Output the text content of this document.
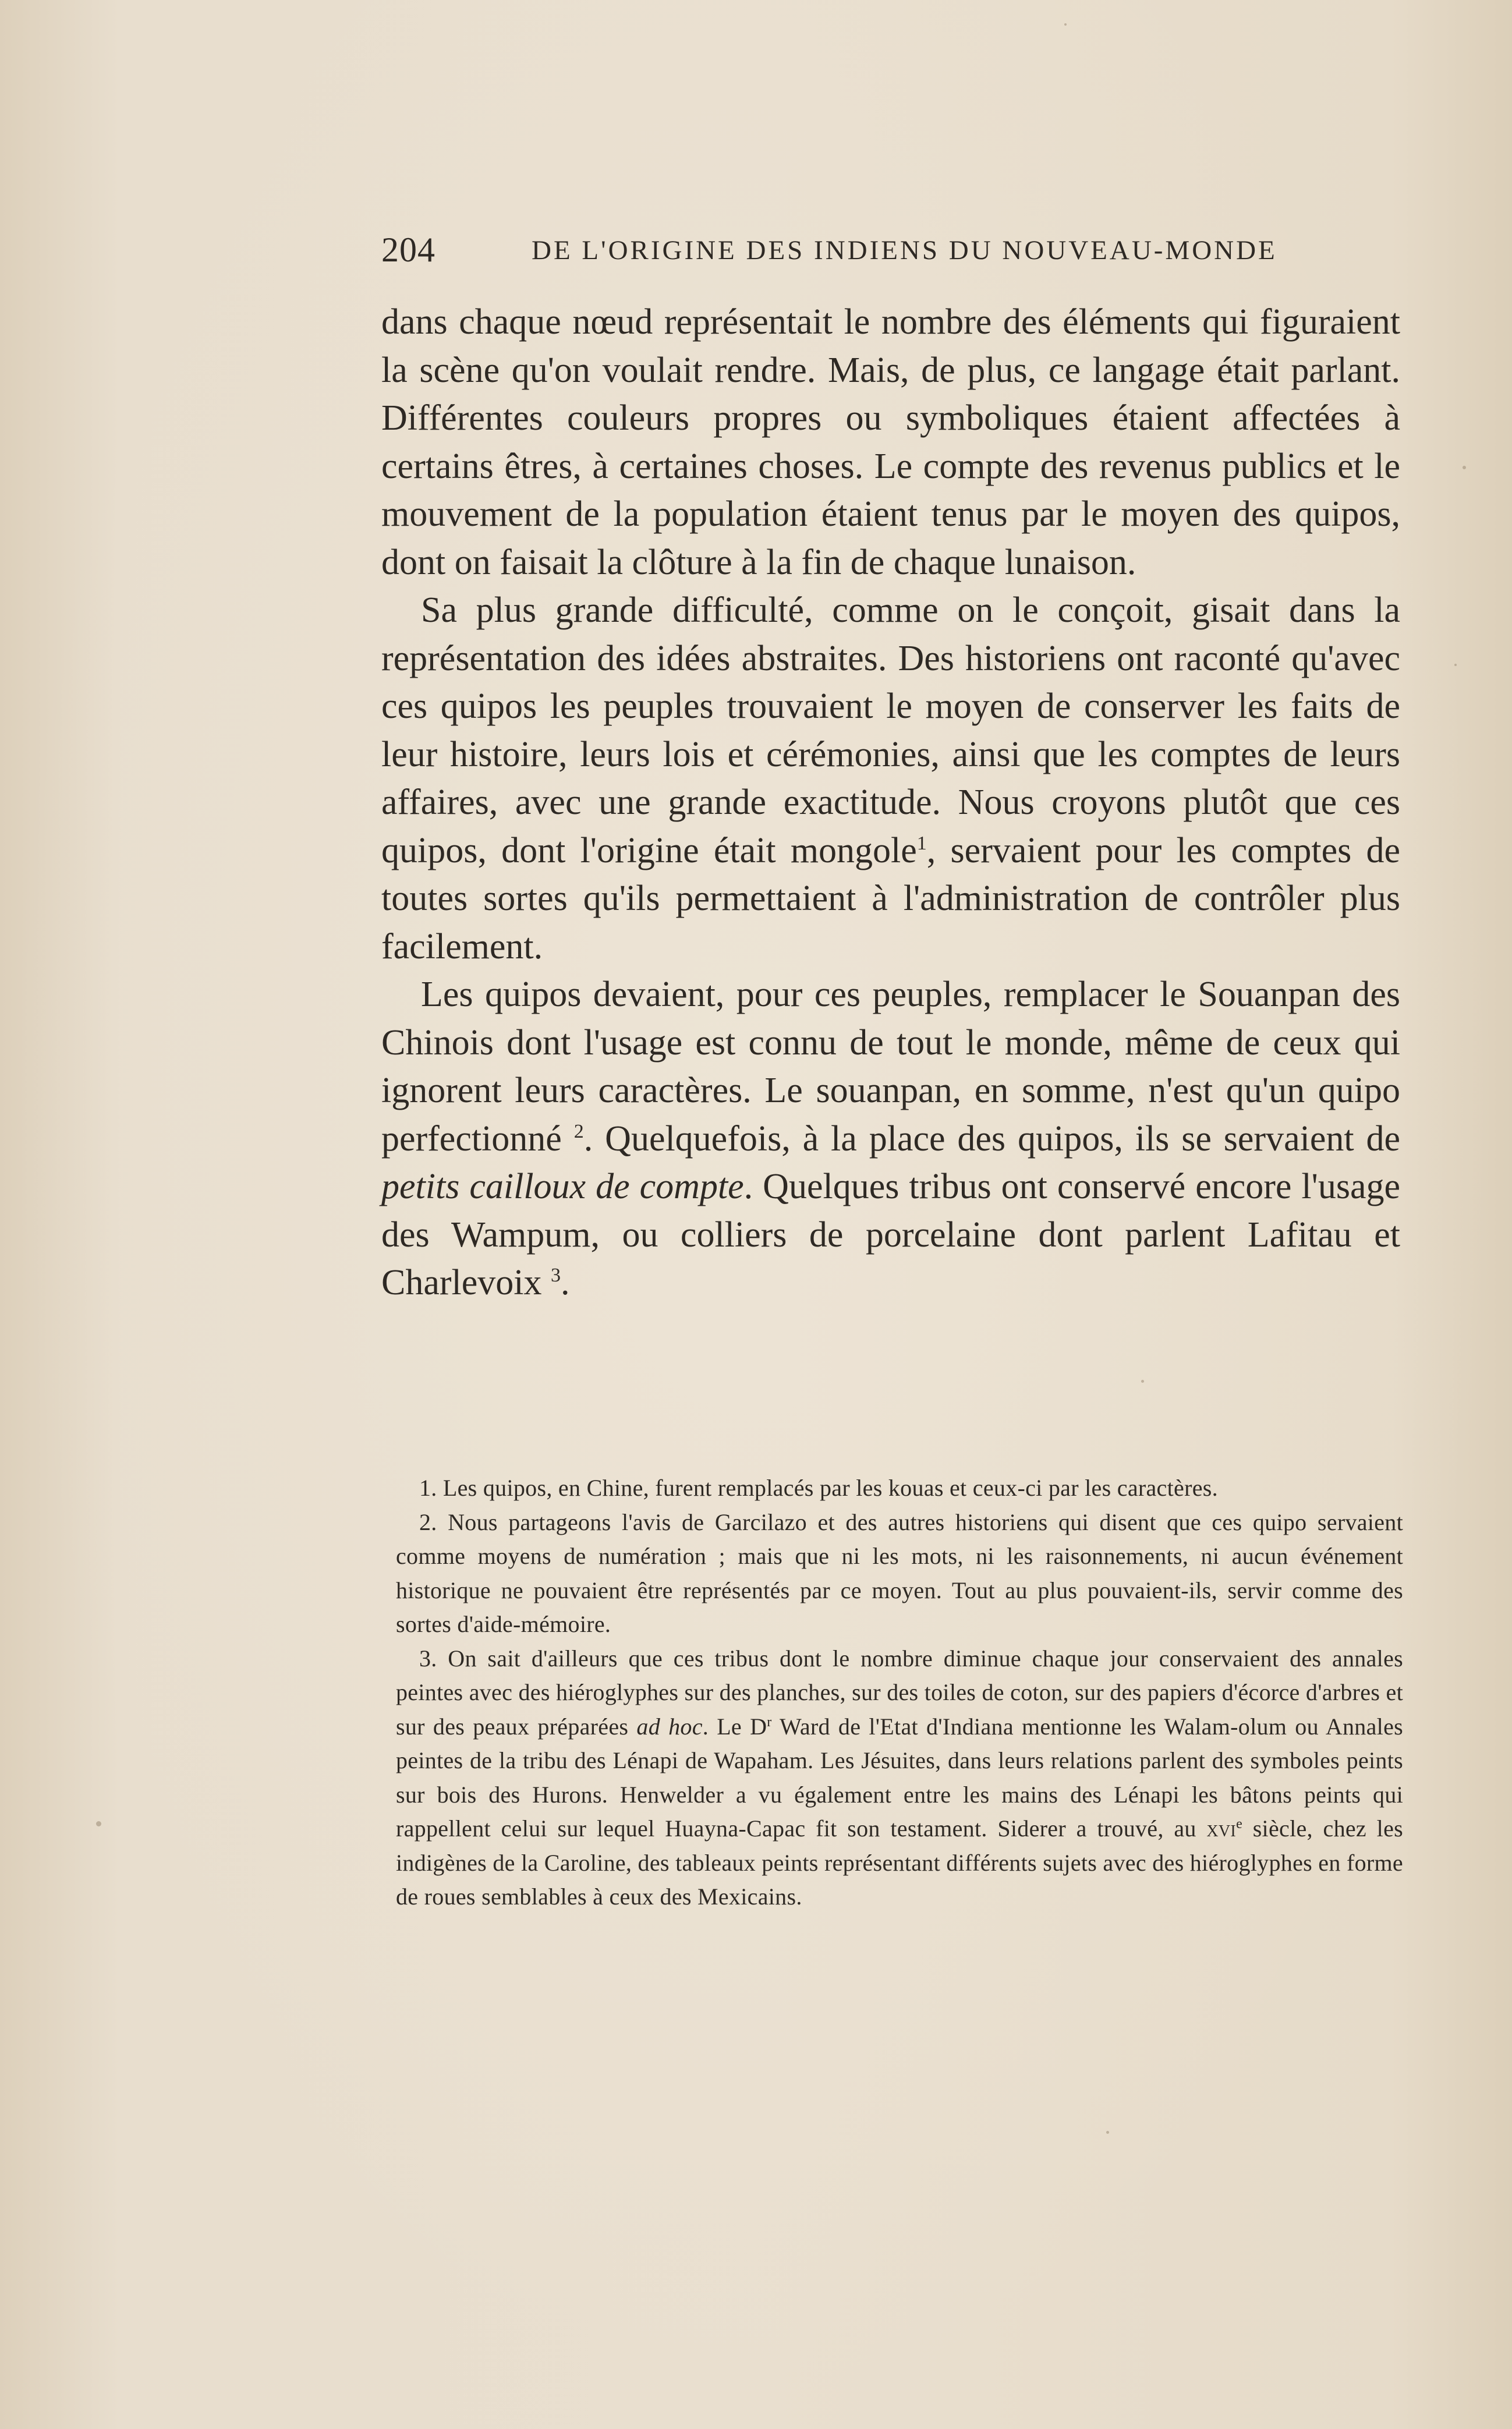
204	DE L'ORIGINE DES INDIENS DU NOUVEAU-MONDE

dans chaque nœud représentait le nombre des éléments qui figuraient la scène qu'on voulait rendre. Mais, de plus, ce langage était parlant. Différentes couleurs propres ou symboliques étaient affectées à certains êtres, à certaines choses. Le compte des revenus publics et le mouvement de la population étaient tenus par le moyen des quipos, dont on faisait la clôture à la fin de chaque lunaison.

Sa plus grande difficulté, comme on le conçoit, gisait dans la représentation des idées abstraites. Des historiens ont raconté qu'avec ces quipos les peuples trouvaient le moyen de conserver les faits de leur histoire, leurs lois et cérémonies, ainsi que les comptes de leurs affaires, avec une grande exactitude. Nous croyons plutôt que ces quipos, dont l'origine était mongole$^1$, servaient pour les comptes de toutes sortes qu'ils permettaient à l'administration de contrôler plus facilement.

Les quipos devaient, pour ces peuples, remplacer le Souanpan des Chinois dont l'usage est connu de tout le monde, même de ceux qui ignorent leurs caractères. Le souanpan, en somme, n'est qu'un quipo perfectionné $^2$. Quelquefois, à la place des quipos, ils se servaient de petits cailloux de compte. Quelques tribus ont conservé encore l'usage des Wampum, ou colliers de porcelaine dont parlent Lafitau et Charlevoix $^3$.

1. Les quipos, en Chine, furent remplacés par les kouas et ceux-ci par les caractères.

2. Nous partageons l'avis de Garcilazo et des autres historiens qui disent que ces quipo servaient comme moyens de numération ; mais que ni les mots, ni les raisonnements, ni aucun événement historique ne pouvaient être représentés par ce moyen. Tout au plus pouvaient-ils, servir comme des sortes d'aide-mémoire.

3. On sait d'ailleurs que ces tribus dont le nombre diminue chaque jour conservaient des annales peintes avec des hiéroglyphes sur des planches, sur des toiles de coton, sur des papiers d'écorce d'arbres et sur des peaux préparées ad hoc. Le $D^r$ Ward de l'Etat d'Indiana mentionne les Walam-olum ou Annales peintes de la tribu des Lénapi de Wapaham. Les Jésuites, dans leurs relations parlent des symboles peints sur bois des Hurons. Henwelder a vu également entre les mains des Lénapi les bâtons peints qui rappellent celui sur lequel Huayna-Capac fit son testament. Siderer a trouvé, au xvi$^e$ siècle, chez les indigènes de la Caroline, des tableaux peints représentant différents sujets avec des hiéroglyphes en forme de roues semblables à ceux des Mexicains.
